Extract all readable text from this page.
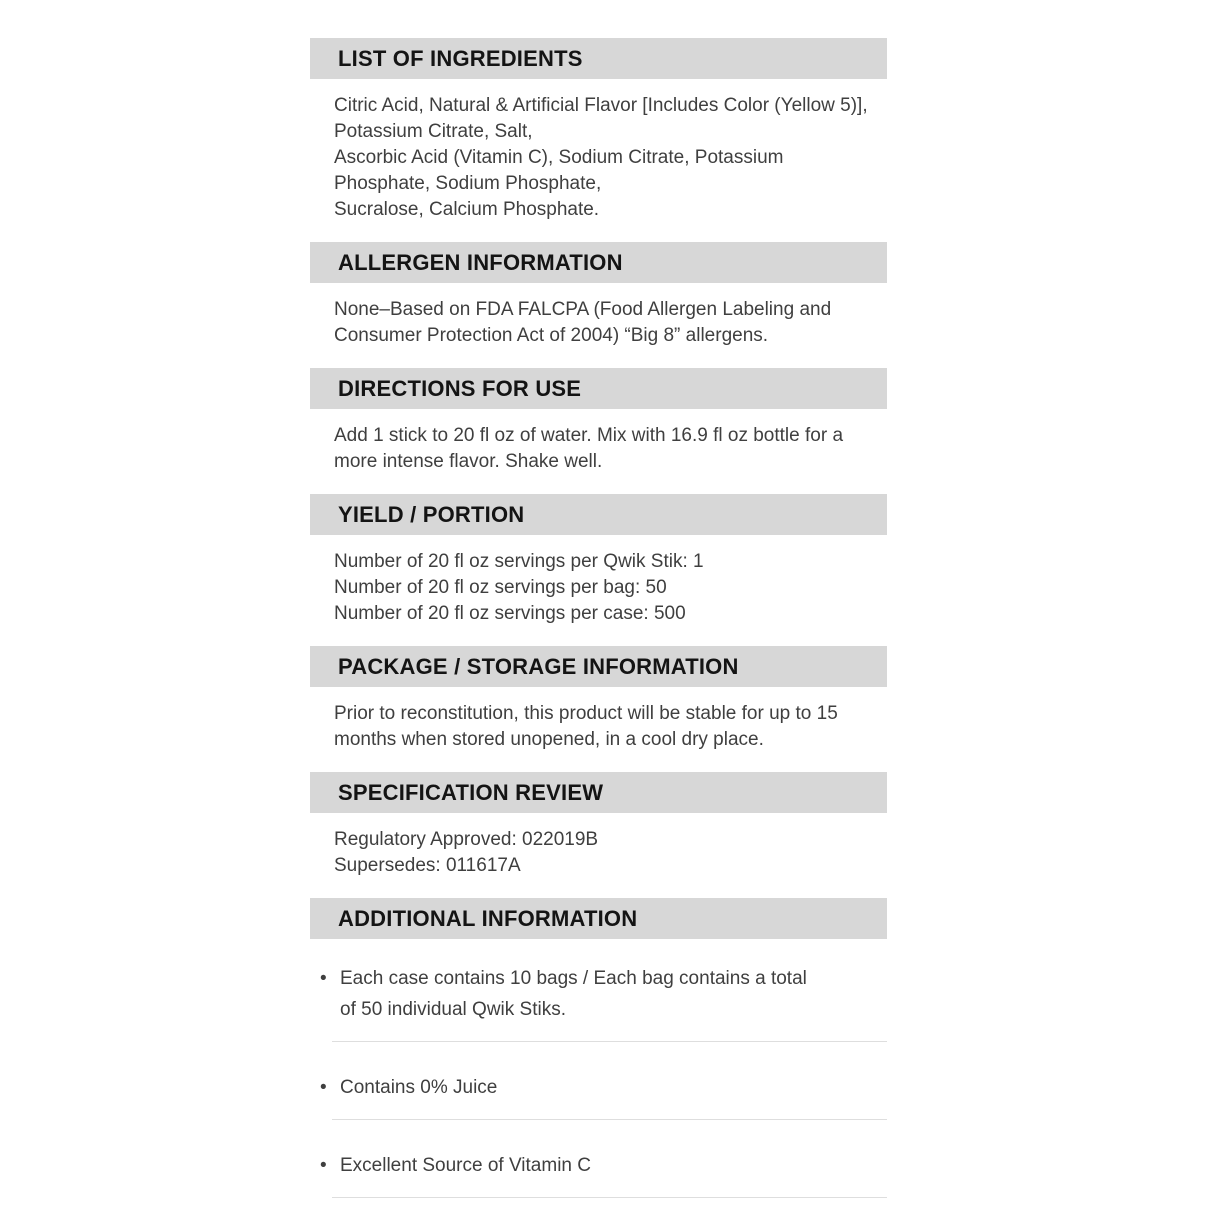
LIST OF INGREDIENTS
Citric Acid, Natural & Artificial Flavor [Includes Color (Yellow 5)],
Potassium Citrate, Salt,
Ascorbic Acid (Vitamin C), Sodium Citrate, Potassium
Phosphate, Sodium Phosphate,
Sucralose, Calcium Phosphate.
ALLERGEN INFORMATION
None–Based on FDA FALCPA (Food Allergen Labeling and
Consumer Protection Act of 2004) “Big 8” allergens.
DIRECTIONS FOR USE
Add 1 stick to 20 fl oz of water. Mix with 16.9 fl oz bottle for a
more intense flavor. Shake well.
YIELD / PORTION
Number of 20 fl oz servings per Qwik Stik: 1
Number of 20 fl oz servings per bag: 50
Number of 20 fl oz servings per case: 500
PACKAGE / STORAGE INFORMATION
Prior to reconstitution, this product will be stable for up to 15
months when stored unopened, in a cool dry place.
SPECIFICATION REVIEW
Regulatory Approved: 022019B
Supersedes: 011617A
ADDITIONAL INFORMATION
•
Each case contains 10 bags / Each bag contains a total
of 50 individual Qwik Stiks.
•
Contains 0% Juice
•
Excellent Source of Vitamin C
